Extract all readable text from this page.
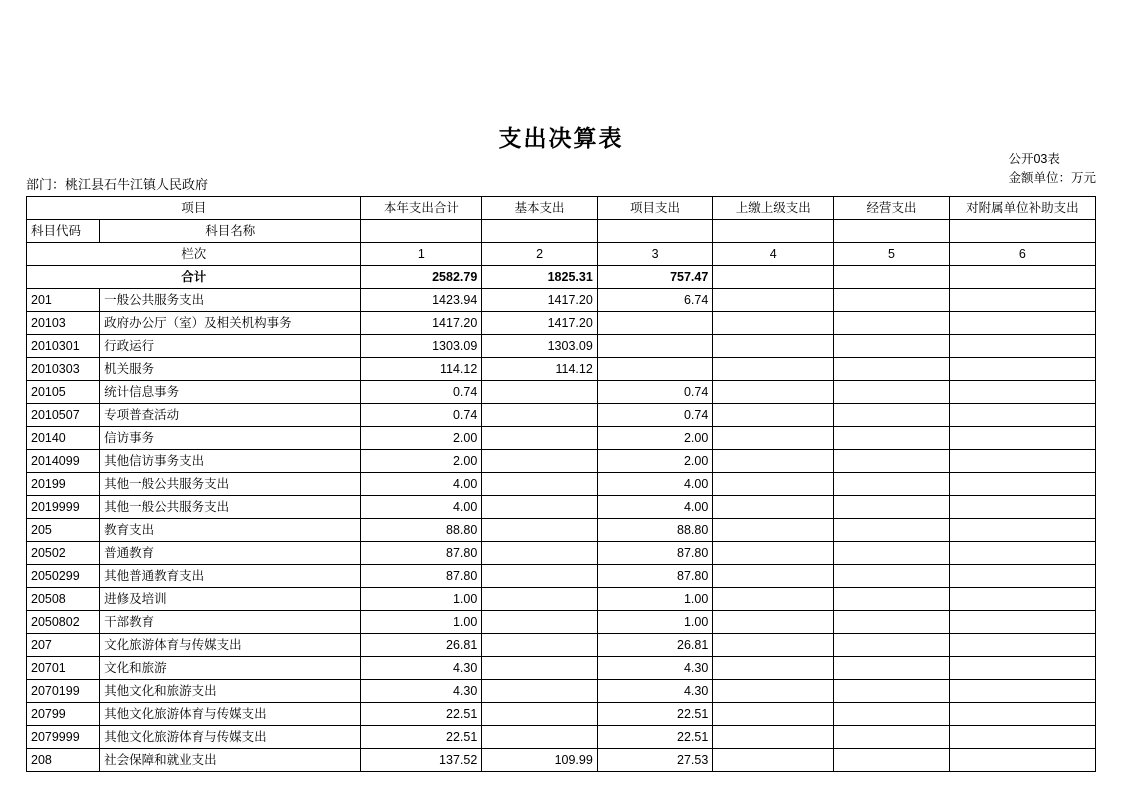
支出决算表
公开03表
金额单位：万元
部门：桃江县石牛江镇人民政府
项目		本年支出合计	基本支出	项目支出	上缴上级支出	经营支出	对附属单位补助支出
科目代码	科目名称						
栏次		1	2	3	4	5	6
合计		2582.79	1825.31	757.47			
201	一般公共服务支出	1423.94	1417.20	6.74			
20103	政府办公厅（室）及相关机构事务	1417.20	1417.20				
2010301	行政运行	1303.09	1303.09				
2010303	机关服务	114.12	114.12				
20105	统计信息事务	0.74		0.74			
2010507	专项普查活动	0.74		0.74			
20140	信访事务	2.00		2.00			
2014099	其他信访事务支出	2.00		2.00			
20199	其他一般公共服务支出	4.00		4.00			
2019999	其他一般公共服务支出	4.00		4.00			
205	教育支出	88.80		88.80			
20502	普通教育	87.80		87.80			
2050299	其他普通教育支出	87.80		87.80			
20508	进修及培训	1.00		1.00			
2050802	干部教育	1.00		1.00			
207	文化旅游体育与传媒支出	26.81		26.81			
20701	文化和旅游	4.30		4.30			
2070199	其他文化和旅游支出	4.30		4.30			
20799	其他文化旅游体育与传媒支出	22.51		22.51			
2079999	其他文化旅游体育与传媒支出	22.51		22.51			
208	社会保障和就业支出	137.52	109.99	27.53			
